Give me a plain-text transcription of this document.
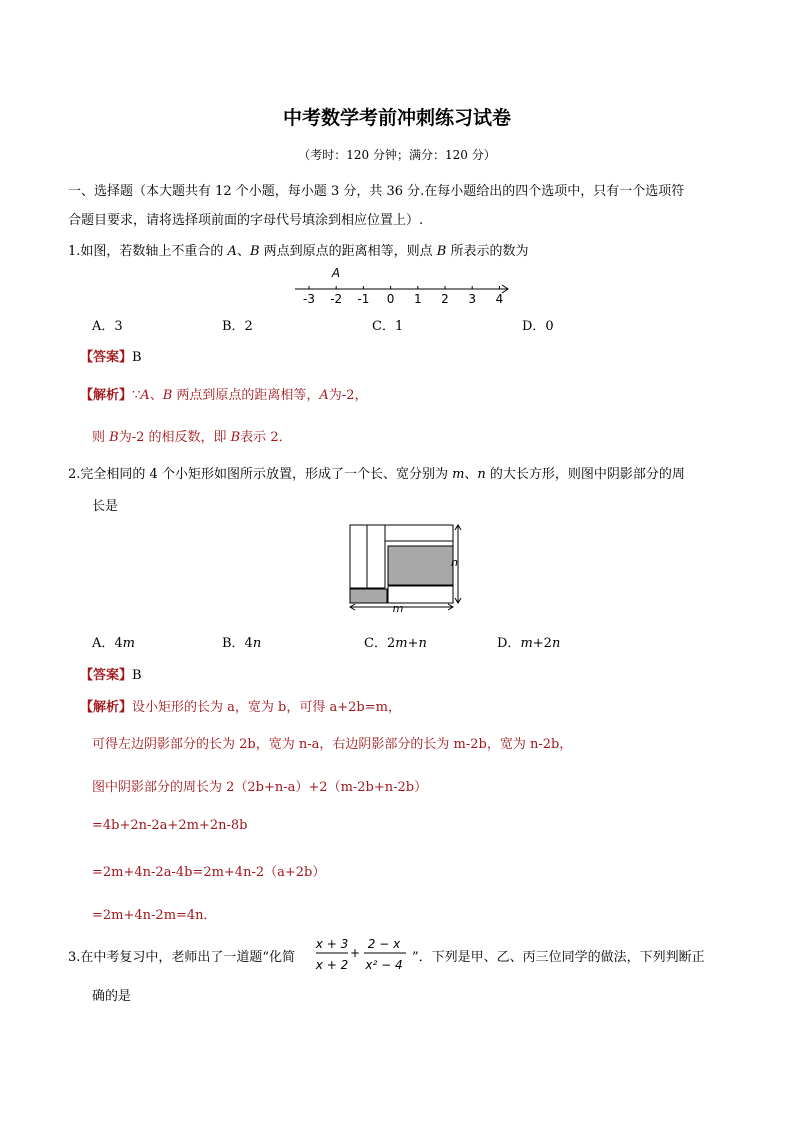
中考数学考前冲刺练习试卷
（考时：120 分钟；满分：120 分）
一、选择题（本大题共有 12 个小题，每小题 3 分，共 36 分.在每小题给出的四个选项中，只有一个选项符
合题目要求，请将选择项前面的字母代号填涂到相应位置上）.
1.如图，若数轴上不重合的 A、B 两点到原点的距离相等，则点 B 所表示的数为
A
-3 -2 -1 0 1 2 3 4
A．3	B．2	C．1	D．0
【答案】B
【解析】∵A、B 两点到原点的距离相等，A为-2，
则 B为-2 的相反数，即 B表示 2．
2.完全相同的 4 个小矩形如图所示放置，形成了一个长、宽分别为 m、n 的大长方形，则图中阴影部分的周
长是
n
m
A．4m	B．4n	C．2m+n	D．m+2n
【答案】B
【解析】设小矩形的长为 a，宽为 b，可得 a+2b=m，
可得左边阴影部分的长为 2b，宽为 n-a，右边阴影部分的长为 m-2b，宽为 n-2b，
图中阴影部分的周长为 2（2b+n-a）+2（m-2b+n-2b）
=4b+2n-2a+2m+2n-8b
=2m+4n-2a-4b=2m+4n-2（a+2b）
=2m+4n-2m=4n．
3.在中考复习中，老师出了一道题“化简
x + 3
x + 2
+
2 − x
x² − 4 ”．下列是甲、乙、丙三位同学的做法，下列判断正
确的是
